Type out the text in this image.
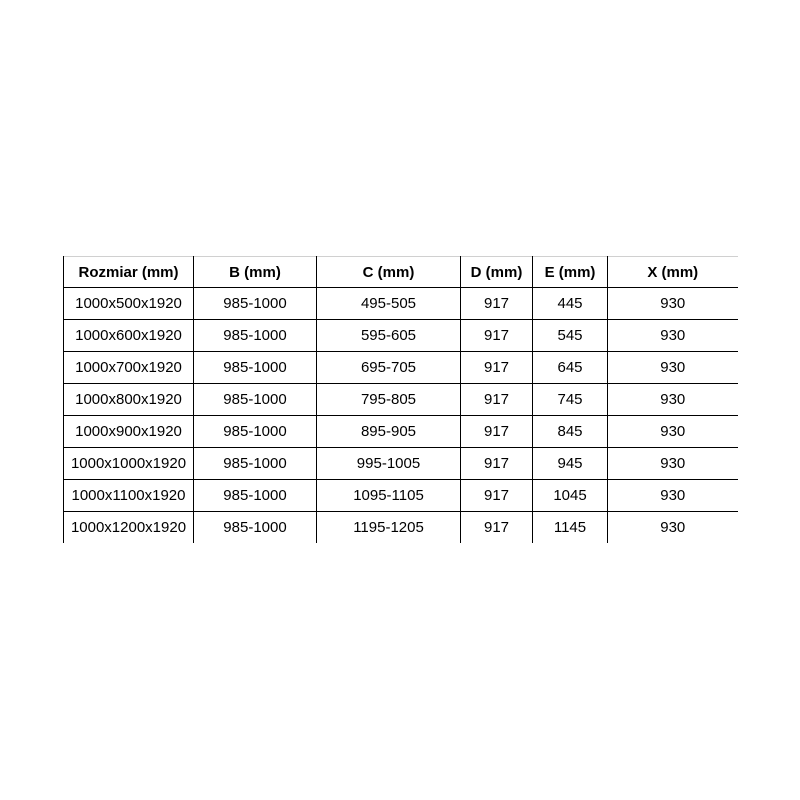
Rozmiar (mm)	B (mm)	C (mm)	D (mm)	E (mm)	X (mm)
1000x500x1920	985-1000	495-505	917	445	930
1000x600x1920	985-1000	595-605	917	545	930
1000x700x1920	985-1000	695-705	917	645	930
1000x800x1920	985-1000	795-805	917	745	930
1000x900x1920	985-1000	895-905	917	845	930
1000x1000x1920	985-1000	995-1005	917	945	930
1000x1100x1920	985-1000	1095-1105	917	1045	930
1000x1200x1920	985-1000	1195-1205	917	1145	930
